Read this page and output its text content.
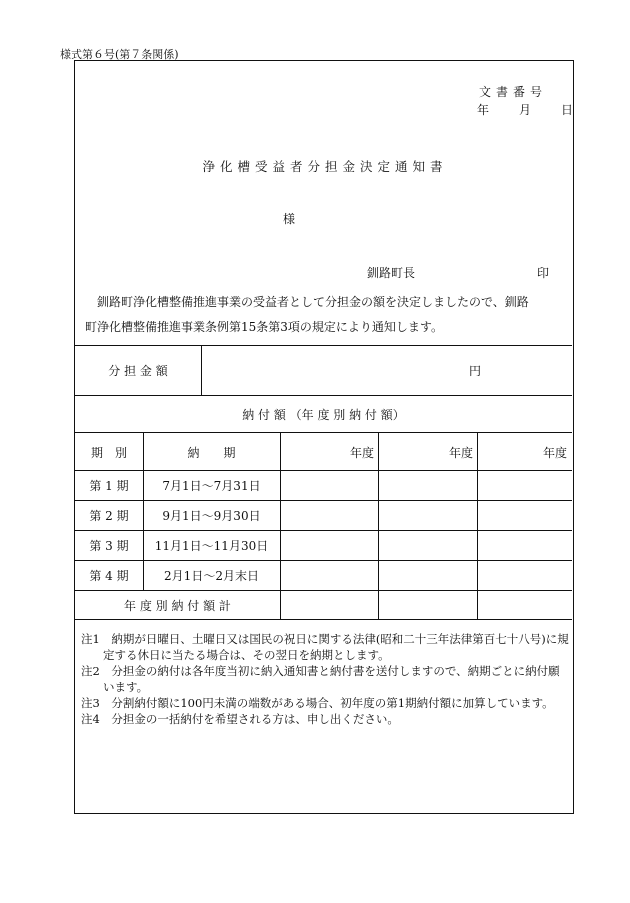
様式第６号(第７条関係)
文書番号
年	月	日
浄化槽受益者分担金決定通知書
様
釧路町長	印
釧路町浄化槽整備推進事業の受益者として分担金の額を決定しましたので、釧路
町浄化槽整備推進事業条例第15条第3項の規定により通知します。
分 担 金 額	円
納 付 額 （年 度 別 納 付 額）
期　別	納　　期	年度	年度	年度
第 1 期	7月1日〜7月31日
第 2 期	9月1日〜9月30日
第 3 期	11月1日〜11月30日
第 4 期	2月1日〜2月末日
年 度 別 納 付 額 計
注1　納期が日曜日、土曜日又は国民の祝日に関する法律(昭和二十三年法律第百七十八号)に規定する休日に当たる場合は、その翌日を納期とします。
注2　分担金の納付は各年度当初に納入通知書と納付書を送付しますので、納期ごとに納付願います。
注3　分割納付額に100円未満の端数がある場合、初年度の第1期納付額に加算しています。
注4　分担金の一括納付を希望される方は、申し出ください。
